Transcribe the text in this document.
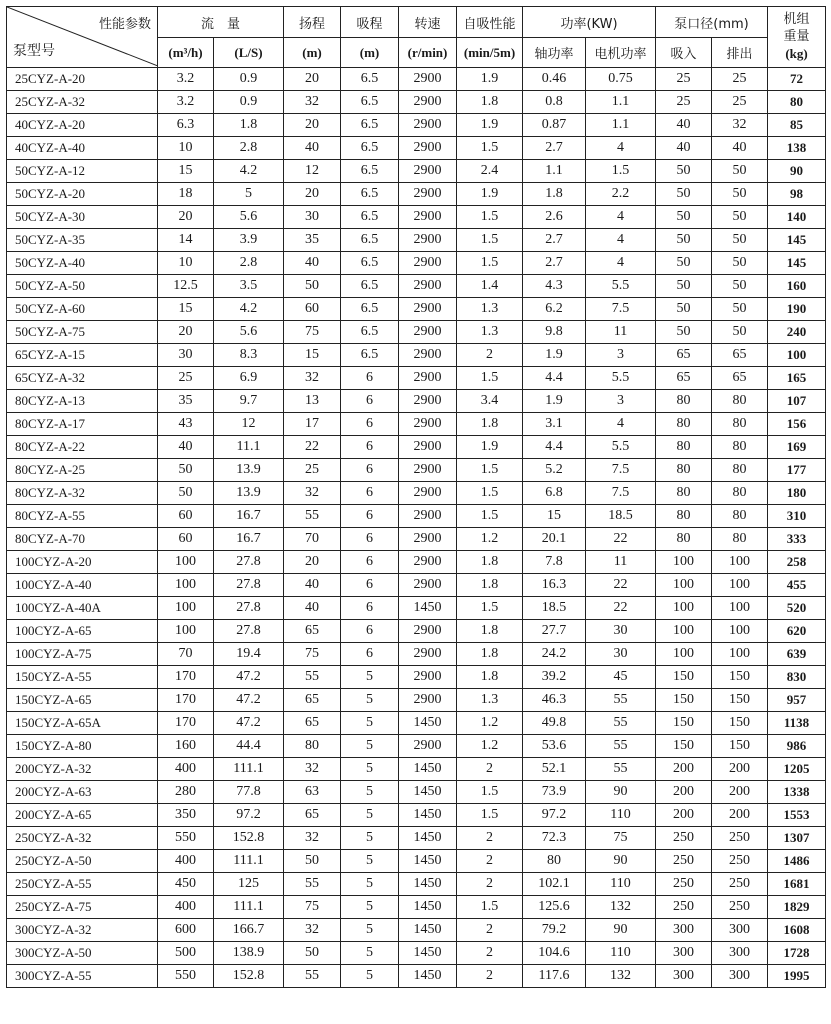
性能参数
泵型号	流　量		扬程	吸程	转速	自吸性能	功率(KW)		泵口径(mm)		机组
重量
(kg)
	(m³/h)	(L/S)	(m)	(m)	(r/min)	(min/5m)	轴功率	电机功率	吸入	排出	
25CYZ-A-20	3.2	0.9	20	6.5	2900	1.9	0.46	0.75	25	25	72
25CYZ-A-32	3.2	0.9	32	6.5	2900	1.8	0.8	1.1	25	25	80
40CYZ-A-20	6.3	1.8	20	6.5	2900	1.9	0.87	1.1	40	32	85
40CYZ-A-40	10	2.8	40	6.5	2900	1.5	2.7	4	40	40	138
50CYZ-A-12	15	4.2	12	6.5	2900	2.4	1.1	1.5	50	50	90
50CYZ-A-20	18	5	20	6.5	2900	1.9	1.8	2.2	50	50	98
50CYZ-A-30	20	5.6	30	6.5	2900	1.5	2.6	4	50	50	140
50CYZ-A-35	14	3.9	35	6.5	2900	1.5	2.7	4	50	50	145
50CYZ-A-40	10	2.8	40	6.5	2900	1.5	2.7	4	50	50	145
50CYZ-A-50	12.5	3.5	50	6.5	2900	1.4	4.3	5.5	50	50	160
50CYZ-A-60	15	4.2	60	6.5	2900	1.3	6.2	7.5	50	50	190
50CYZ-A-75	20	5.6	75	6.5	2900	1.3	9.8	11	50	50	240
65CYZ-A-15	30	8.3	15	6.5	2900	2	1.9	3	65	65	100
65CYZ-A-32	25	6.9	32	6	2900	1.5	4.4	5.5	65	65	165
80CYZ-A-13	35	9.7	13	6	2900	3.4	1.9	3	80	80	107
80CYZ-A-17	43	12	17	6	2900	1.8	3.1	4	80	80	156
80CYZ-A-22	40	11.1	22	6	2900	1.9	4.4	5.5	80	80	169
80CYZ-A-25	50	13.9	25	6	2900	1.5	5.2	7.5	80	80	177
80CYZ-A-32	50	13.9	32	6	2900	1.5	6.8	7.5	80	80	180
80CYZ-A-55	60	16.7	55	6	2900	1.5	15	18.5	80	80	310
80CYZ-A-70	60	16.7	70	6	2900	1.2	20.1	22	80	80	333
100CYZ-A-20	100	27.8	20	6	2900	1.8	7.8	11	100	100	258
100CYZ-A-40	100	27.8	40	6	2900	1.8	16.3	22	100	100	455
100CYZ-A-40A	100	27.8	40	6	1450	1.5	18.5	22	100	100	520
100CYZ-A-65	100	27.8	65	6	2900	1.8	27.7	30	100	100	620
100CYZ-A-75	70	19.4	75	6	2900	1.8	24.2	30	100	100	639
150CYZ-A-55	170	47.2	55	5	2900	1.8	39.2	45	150	150	830
150CYZ-A-65	170	47.2	65	5	2900	1.3	46.3	55	150	150	957
150CYZ-A-65A	170	47.2	65	5	1450	1.2	49.8	55	150	150	1138
150CYZ-A-80	160	44.4	80	5	2900	1.2	53.6	55	150	150	986
200CYZ-A-32	400	111.1	32	5	1450	2	52.1	55	200	200	1205
200CYZ-A-63	280	77.8	63	5	1450	1.5	73.9	90	200	200	1338
200CYZ-A-65	350	97.2	65	5	1450	1.5	97.2	110	200	200	1553
250CYZ-A-32	550	152.8	32	5	1450	2	72.3	75	250	250	1307
250CYZ-A-50	400	111.1	50	5	1450	2	80	90	250	250	1486
250CYZ-A-55	450	125	55	5	1450	2	102.1	110	250	250	1681
250CYZ-A-75	400	111.1	75	5	1450	1.5	125.6	132	250	250	1829
300CYZ-A-32	600	166.7	32	5	1450	2	79.2	90	300	300	1608
300CYZ-A-50	500	138.9	50	5	1450	2	104.6	110	300	300	1728
300CYZ-A-55	550	152.8	55	5	1450	2	117.6	132	300	300	1995
